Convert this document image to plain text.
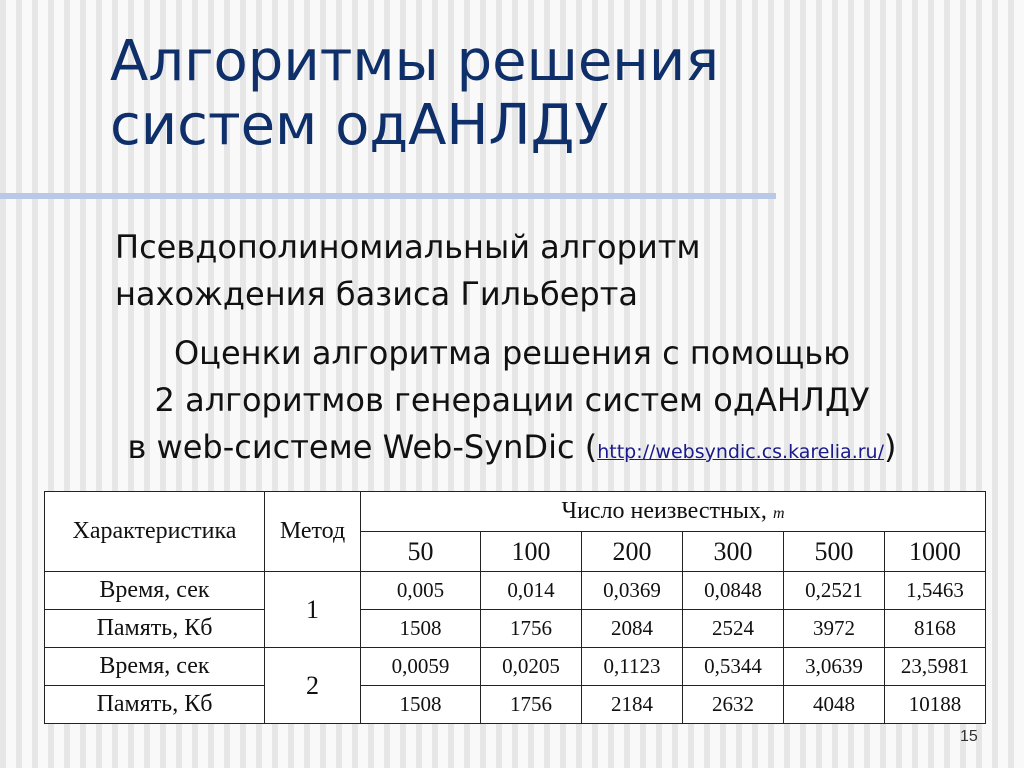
Алгоритмы решения
систем одАНЛДУ
Псевдополиномиальный алгоритм
нахождения базиса Гильберта
Оценки алгоритма решения с помощью
2 алгоритмов генерации систем одАНЛДУ
в web-системе Web-SynDic (http://websyndic.cs.karelia.ru/)
Характеристика	Метод	Число неизвестных, m					
		50	100	200	300	500	1000
Время, сек	1	0,005	0,014	0,0369	0,0848	0,2521	1,5463
Память, Кб		1508	1756	2084	2524	3972	8168
Время, сек	2	0,0059	0,0205	0,1123	0,5344	3,0639	23,5981
Память, Кб		1508	1756	2184	2632	4048	10188
15
